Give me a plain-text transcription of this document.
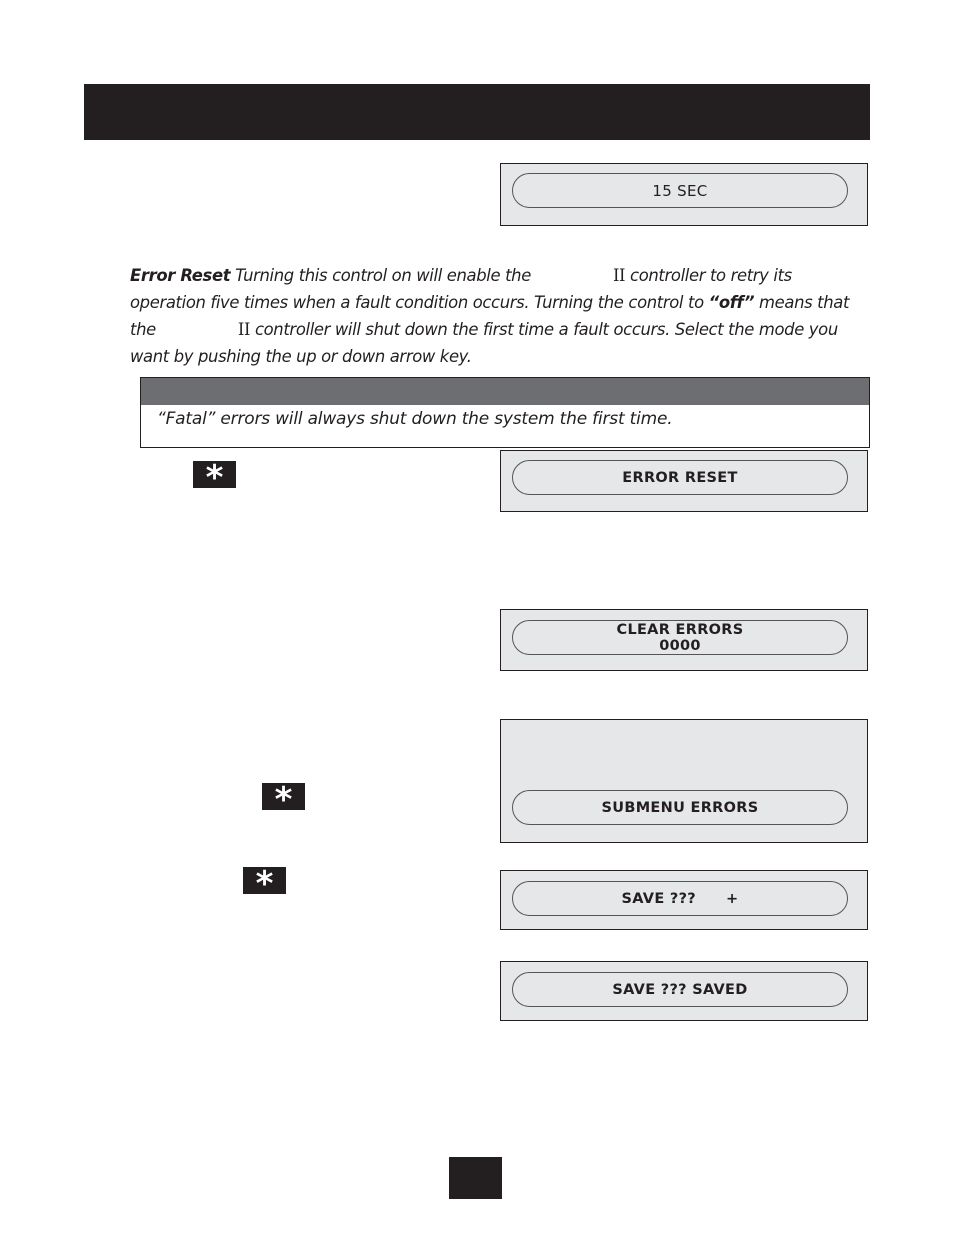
15 SEC
Error Reset Turning this control on will enable the	II controller to retry its operation five times when a fault condition occurs. Turning the control to “off” means that the	II controller will shut down the first time a fault occurs. Select the mode you want by pushing the up or down arrow key.
“Fatal” errors will always shut down the system the first time.
*	ERROR RESET
CLEAR ERRORS
0000
SUBMENU ERRORS
*
*	SAVE ??? +
SAVE ??? SAVED
